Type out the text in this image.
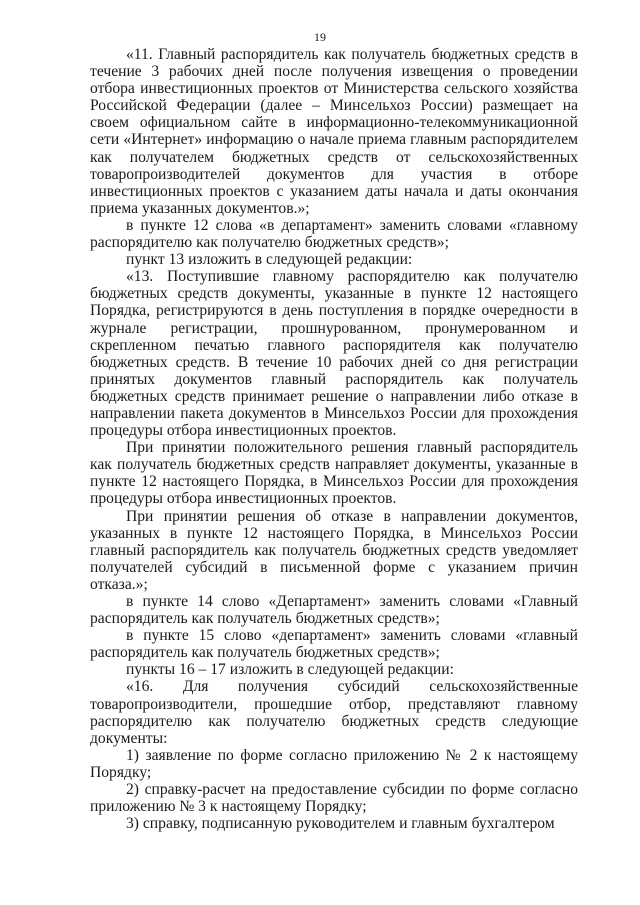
19

«11. Главный распорядитель как получатель бюджетных средств в течение 3 рабочих дней после получения извещения о проведении отбора инвестиционных проектов от Министерства сельского хозяйства Российской Федерации (далее – Минсельхоз России) размещает на своем официальном сайте в информационно-телекоммуникационной сети «Интернет» информацию о начале приема главным распорядителем как получателем бюджетных средств от сельскохозяйственных товаропроизводителей документов для участия в отборе инвестиционных проектов с указанием даты начала и даты окончания приема указанных документов.»;

в пункте 12 слова «в департамент» заменить словами «главному распорядителю как получателю бюджетных средств»;

пункт 13 изложить в следующей редакции:

«13. Поступившие главному распорядителю как получателю бюджетных средств документы, указанные в пункте 12 настоящего Порядка, регистрируются в день поступления в порядке очередности в журнале регистрации, прошнурованном, пронумерованном и скрепленном печатью главного распорядителя как получателю бюджетных средств. В течение 10 рабочих дней со дня регистрации принятых документов главный распорядитель как получатель бюджетных средств принимает решение о направлении либо отказе в направлении пакета документов в Минсельхоз России для прохождения процедуры отбора инвестиционных проектов.

При принятии положительного решения главный распорядитель как получатель бюджетных средств направляет документы, указанные в пункте 12 настоящего Порядка, в Минсельхоз России для прохождения процедуры отбора инвестиционных проектов.

При принятии решения об отказе в направлении документов, указанных в пункте 12 настоящего Порядка, в Минсельхоз России главный распорядитель как получатель бюджетных средств уведомляет получателей субсидий в письменной форме с указанием причин отказа.»;

в пункте 14 слово «Департамент» заменить словами «Главный распорядитель как получатель бюджетных средств»;

в пункте 15 слово «департамент» заменить словами «главный распорядитель как получатель бюджетных средств»;

пункты 16 – 17 изложить в следующей редакции:

«16. Для получения субсидий сельскохозяйственные товаропроизводители, прошедшие отбор, представляют главному распорядителю как получателю бюджетных средств следующие документы:

1) заявление по форме согласно приложению № 2 к настоящему Порядку;

2) справку-расчет на предоставление субсидии по форме согласно приложению № 3 к настоящему Порядку;

3) справку, подписанную руководителем и главным бухгалтером
